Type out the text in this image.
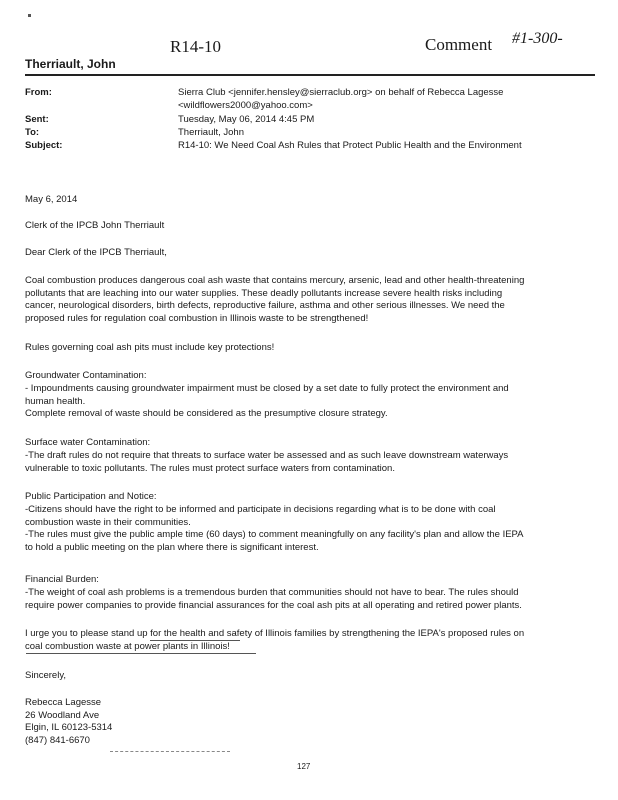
R14-10	Comment #1-300-
Therriault, John
From:	Sierra Club <jennifer.hensley@sierraclub.org> on behalf of Rebecca Lagesse
<wildflowers2000@yahoo.com>
Sent:	Tuesday, May 06, 2014 4:45 PM
To:	Therriault, John
Subject:	R14-10: We Need Coal Ash Rules that Protect Public Health and the Environment
May 6, 2014
Clerk of the IPCB John Therriault
Dear Clerk of the IPCB Therriault,
Coal combustion produces dangerous coal ash waste that contains mercury, arsenic, lead and other health-threatening
pollutants that are leaching into our water supplies. These deadly pollutants increase severe health risks including
cancer, neurological disorders, birth defects, reproductive failure, asthma and other serious illnesses. We need the
proposed rules for regulation coal combustion in Illinois waste to be strengthened!
Rules governing coal ash pits must include key protections!
Groundwater Contamination:
- Impoundments causing groundwater impairment must be closed by a set date to fully protect the environment and
human health.
Complete removal of waste should be considered as the presumptive closure strategy.
Surface water Contamination:
-The draft rules do not require that threats to surface water be assessed and as such leave downstream waterways
vulnerable to toxic pollutants. The rules must protect surface waters from contamination.
Public Participation and Notice:
-Citizens should have the right to be informed and participate in decisions regarding what is to be done with coal
combustion waste in their communities.
-The rules must give the public ample time (60 days) to comment meaningfully on any facility's plan and allow the IEPA
to hold a public meeting on the plan where there is significant interest.
Financial Burden:
-The weight of coal ash problems is a tremendous burden that communities should not have to bear. The rules should
require power companies to provide financial assurances for the coal ash pits at all operating and retired power plants.
I urge you to please stand up for the health and safety of Illinois families by strengthening the IEPA's proposed rules on
coal combustion waste at power plants in Illinois!
Sincerely,
Rebecca Lagesse
26 Woodland Ave
Elgin, IL 60123-5314
(847) 841-6670
127
